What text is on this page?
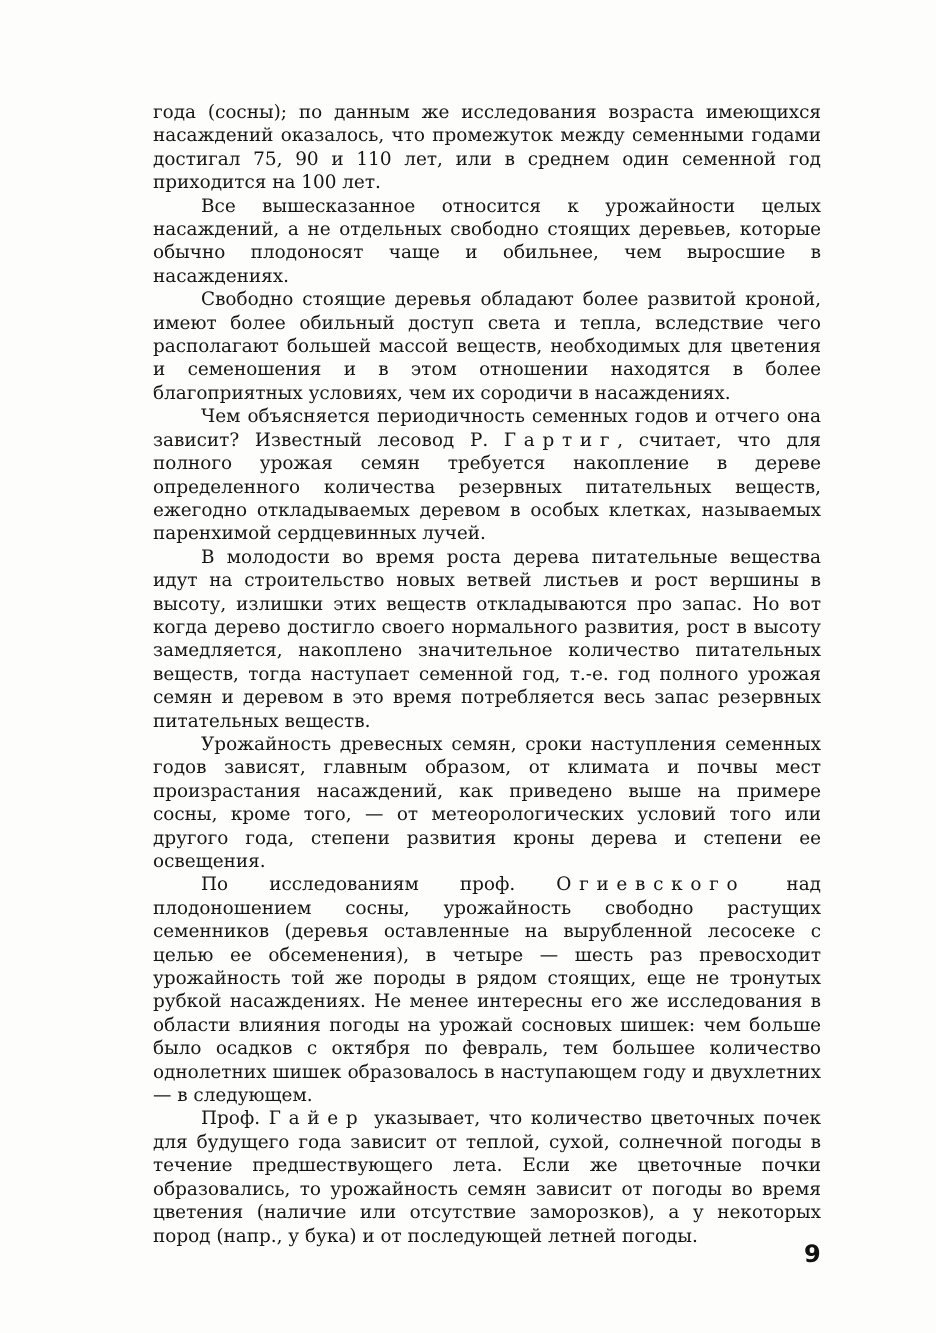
года (сосны); по данным же исследования возраста имеющихся насаждений оказалось, что промежуток между семенными годами достигал 75, 90 и 110 лет, или в среднем один семенной год приходится на 100 лет.

Все вышесказанное относится к урожайности целых насаждений, а не отдельных свободно стоящих деревьев, которые обычно плодоносят чаще и обильнее, чем выросшие в насаждениях.

Свободно стоящие деревья обладают более развитой кроной, имеют более обильный доступ света и тепла, вследствие чего располагают большей массой веществ, необходимых для цветения и семеношения и в этом отношении находятся в более благоприятных условиях, чем их сородичи в насаждениях.

Чем объясняется периодичность семенных годов и отчего она зависит? Известный лесовод Р. Гартиг, считает, что для полного урожая семян требуется накопление в дереве определенного количества резервных питательных веществ, ежегодно откладываемых деревом в особых клетках, называемых паренхимой сердцевинных лучей.

В молодости во время роста дерева питательные вещества идут на строительство новых ветвей листьев и рост вершины в высоту, излишки этих веществ откладываются про запас. Но вот когда дерево достигло своего нормального развития, рост в высоту замедляется, накоплено значительное количество питательных веществ, тогда наступает семенной год, т.-е. год полного урожая семян и деревом в это время потребляется весь запас резервных питательных веществ.

Урожайность древесных семян, сроки наступления семенных годов зависят, главным образом, от климата и почвы мест произрастания насаждений, как приведено выше на примере сосны, кроме того, — от метеорологических условий того или другого года, степени развития кроны дерева и степени ее освещения.

По исследованиям проф. Огиевского над плодоношением сосны, урожайность свободно растущих семенников (деревья оставленные на вырубленной лесосеке с целью ее обсеменения), в четыре — шесть раз превосходит урожайность той же породы в рядом стоящих, еще не тронутых рубкой насаждениях. Не менее интересны его же исследования в области влияния погоды на урожай сосновых шишек: чем больше было осадков с октября по февраль, тем большее количество однолетних шишек образовалось в наступающем году и двухлетних — в следующем.

Проф. Гайер указывает, что количество цветочных почек для будущего года зависит от теплой, сухой, солнечной погоды в течение предшествующего лета. Если же цветочные почки образовались, то урожайность семян зависит от погоды во время цветения (наличие или отсутствие заморозков), а у некоторых пород (напр., у бука) и от последующей летней погоды.

9
